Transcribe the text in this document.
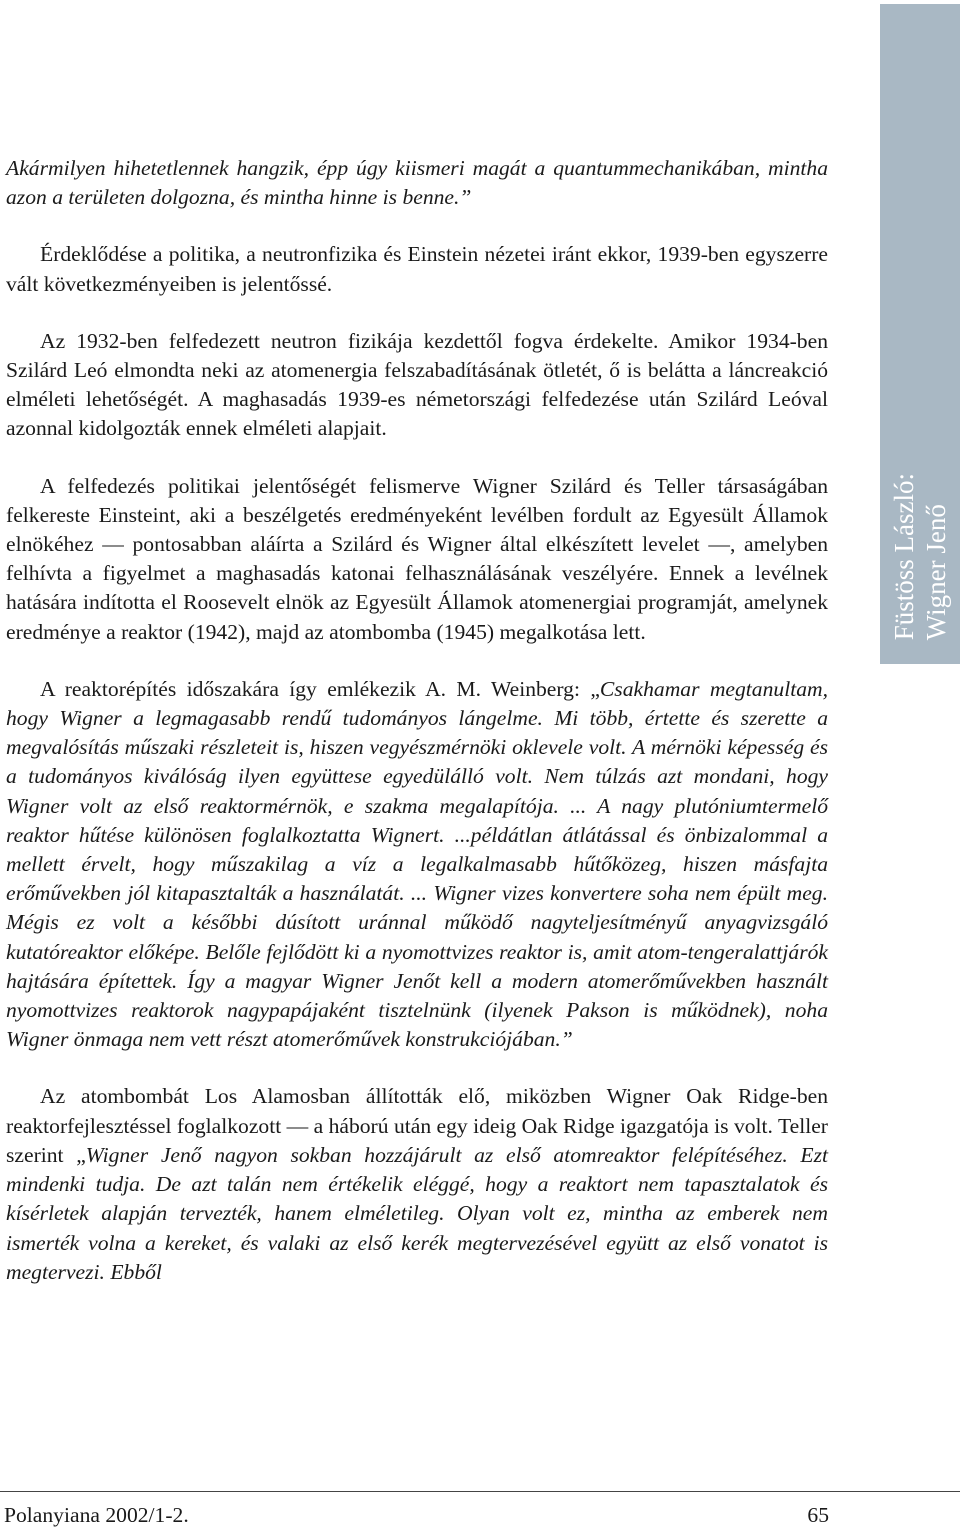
Füstöss László: Wigner Jenő

Akármilyen hihetetlennek hangzik, épp úgy kiismeri magát a quantummechanikában, mintha azon a területen dolgozna, és mintha hinne is benne.”

Érdeklődése a politika, a neutronfizika és Einstein nézetei iránt ekkor, 1939-ben egyszerre vált következményeiben is jelentőssé.

Az 1932-ben felfedezett neutron fizikája kezdettől fogva érdekelte. Amikor 1934-ben Szilárd Leó elmondta neki az atomenergia felszabadításának ötletét, ő is belátta a láncreakció elméleti lehetőségét. A maghasadás 1939-es németországi felfedezése után Szilárd Leóval azonnal kidolgozták ennek elméleti alapjait.

A felfedezés politikai jelentőségét felismerve Wigner Szilárd és Teller társaságában felkereste Einsteint, aki a beszélgetés eredményeként levélben fordult az Egyesült Államok elnökéhez — pontosabban aláírta a Szilárd és Wigner által elkészített levelet —, amelyben felhívta a figyelmet a maghasadás katonai felhasználásának veszélyére. Ennek a levélnek hatására indította el Roosevelt elnök az Egyesült Államok atomenergiai programját, amelynek eredménye a reaktor (1942), majd az atombomba (1945) megalkotása lett.

A reaktorépítés időszakára így emlékezik A. M. Weinberg: „Csakhamar megtanultam, hogy Wigner a legmagasabb rendű tudományos lángelme. Mi több, értette és szerette a megvalósítás műszaki részleteit is, hiszen vegyészmérnöki oklevele volt. A mérnöki képesség és a tudományos kiválóság ilyen együttese egyedülálló volt. Nem túlzás azt mondani, hogy Wigner volt az első reaktormérnök, e szakma megalapítója. ... A nagy plutóniumtermelő reaktor hűtése különösen foglalkoztatta Wignert. ...példátlan átlátással és önbizalommal a mellett érvelt, hogy műszakilag a víz a legalkalmasabb hűtőközeg, hiszen másfajta erőművekben jól kitapasztalták a használatát. ... Wigner vizes konvertere soha nem épült meg. Mégis ez volt a későbbi dúsított uránnal működő nagyteljesítményű anyagvizsgáló kutatóreaktor előképe. Belőle fejlődött ki a nyomottvizes reaktor is, amit atom-tengeralattjárók hajtására építettek. Így a magyar Wigner Jenőt kell a modern atomerőművekben használt nyomottvizes reaktorok nagypapájaként tisztelnünk (ilyenek Pakson is működnek), noha Wigner önmaga nem vett részt atomerőművek konstrukciójában.”

Az atombombát Los Alamosban állították elő, miközben Wigner Oak Ridge-ben reaktorfejlesztéssel foglalkozott — a háború után egy ideig Oak Ridge igazgatója is volt. Teller szerint „Wigner Jenő nagyon sokban hozzájárult az első atomreaktor felépítéséhez. Ezt mindenki tudja. De azt talán nem értékelik eléggé, hogy a reaktort nem tapasztalatok és kísérletek alapján tervezték, hanem elméletileg. Olyan volt ez, mintha az emberek nem ismerték volna a kereket, és valaki az első kerék megtervezésével együtt az első vonatot is megtervezi. Ebből

Polanyiana 2002/1-2.	65
